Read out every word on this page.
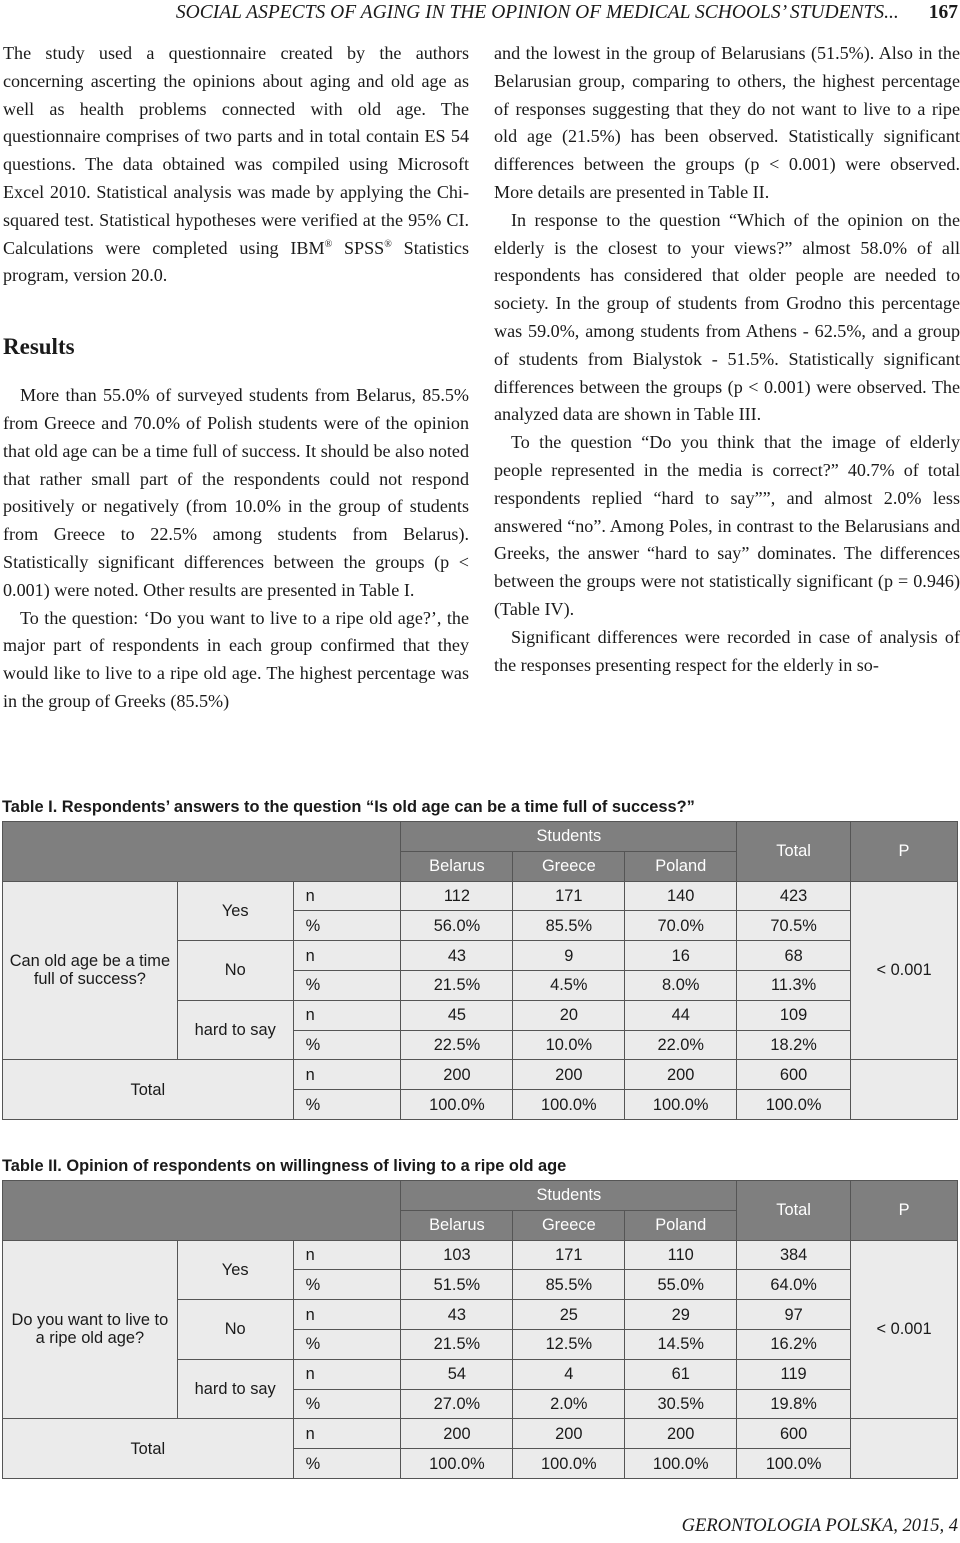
SOCIAL ASPECTS OF AGING IN THE OPINION OF MEDICAL SCHOOLS’ STUDENTS... 167

The study used a questionnaire created by the authors concerning ascerting the opinions about aging and old age as well as health problems connected with old age. The questionnaire comprises of two parts and in total contain ES 54 questions. The data obtained was compiled using Microsoft Excel 2010. Statistical analysis was made by applying the Chi-squared test. Statistical hypotheses were verified at the 95% CI. Calculations were completed using IBM® SPSS® Statistics program, version 20.0.

Results

More than 55.0% of surveyed students from Belarus, 85.5% from Greece and 70.0% of Polish students were of the opinion that old age can be a time full of success. It should be also noted that rather small part of the respondents could not respond positively or negatively (from 10.0% in the group of students from Greece to 22.5% among students from Belarus). Statistically significant differences between the groups (p < 0.001) were noted. Other results are presented in Table I.

To the question: ‘Do you want to live to a ripe old age?’, the major part of respondents in each group confirmed that they would like to live to a ripe old age. The highest percentage was in the group of Greeks (85.5%)

and the lowest in the group of Belarusians (51.5%). Also in the Belarusian group, comparing to others, the highest percentage of responses suggesting that they do not want to live to a ripe old age (21.5%) has been observed. Statistically significant differences between the groups (p < 0.001) were observed. More details are presented in Table II.

In response to the question “Which of the opinion on the elderly is the closest to your views?” almost 58.0% of all respondents has considered that older people are needed to society. In the group of students from Grodno this percentage was 59.0%, among students from Athens - 62.5%, and a group of students from Bialystok - 51.5%. Statistically significant differences between the groups (p < 0.001) were observed. The analyzed data are shown in Table III.

To the question “Do you think that the image of elderly people represented in the media is correct?” 40.7% of total respondents replied “hard to say””, and almost 2.0% less answered “no”. Among Poles, in contrast to the Belarusians and Greeks, the answer “hard to say” dominates. The differences between the groups were not statistically significant (p = 0.946) (Table IV).

Significant differences were recorded in case of analysis of the responses presenting respect for the elderly in so-

Table I. Respondents’ answers to the question “Is old age can be a time full of success?”
			Students			Total	P
			Belarus	Greece	Poland		
Can old age be a time full of success?	Yes	n	112	171	140	423	< 0.001
		%	56.0%	85.5%	70.0%	70.5%	
	No	n	43	9	16	68	
		%	21.5%	4.5%	8.0%	11.3%	
	hard to say	n	45	20	44	109	
		%	22.5%	10.0%	22.0%	18.2%	
Total		n	200	200	200	600	
		%	100.0%	100.0%	100.0%	100.0%	
Table II. Opinion of respondents on willingness of living to a ripe old age
			Students			Total	P
			Belarus	Greece	Poland		
Do you want to live to a ripe old age?	Yes	n	103	171	110	384	< 0.001
		%	51.5%	85.5%	55.0%	64.0%	
	No	n	43	25	29	97	
		%	21.5%	12.5%	14.5%	16.2%	
	hard to say	n	54	4	61	119	
		%	27.0%	2.0%	30.5%	19.8%	
Total		n	200	200	200	600	
		%	100.0%	100.0%	100.0%	100.0%	
GERONTOLOGIA POLSKA, 2015, 4
